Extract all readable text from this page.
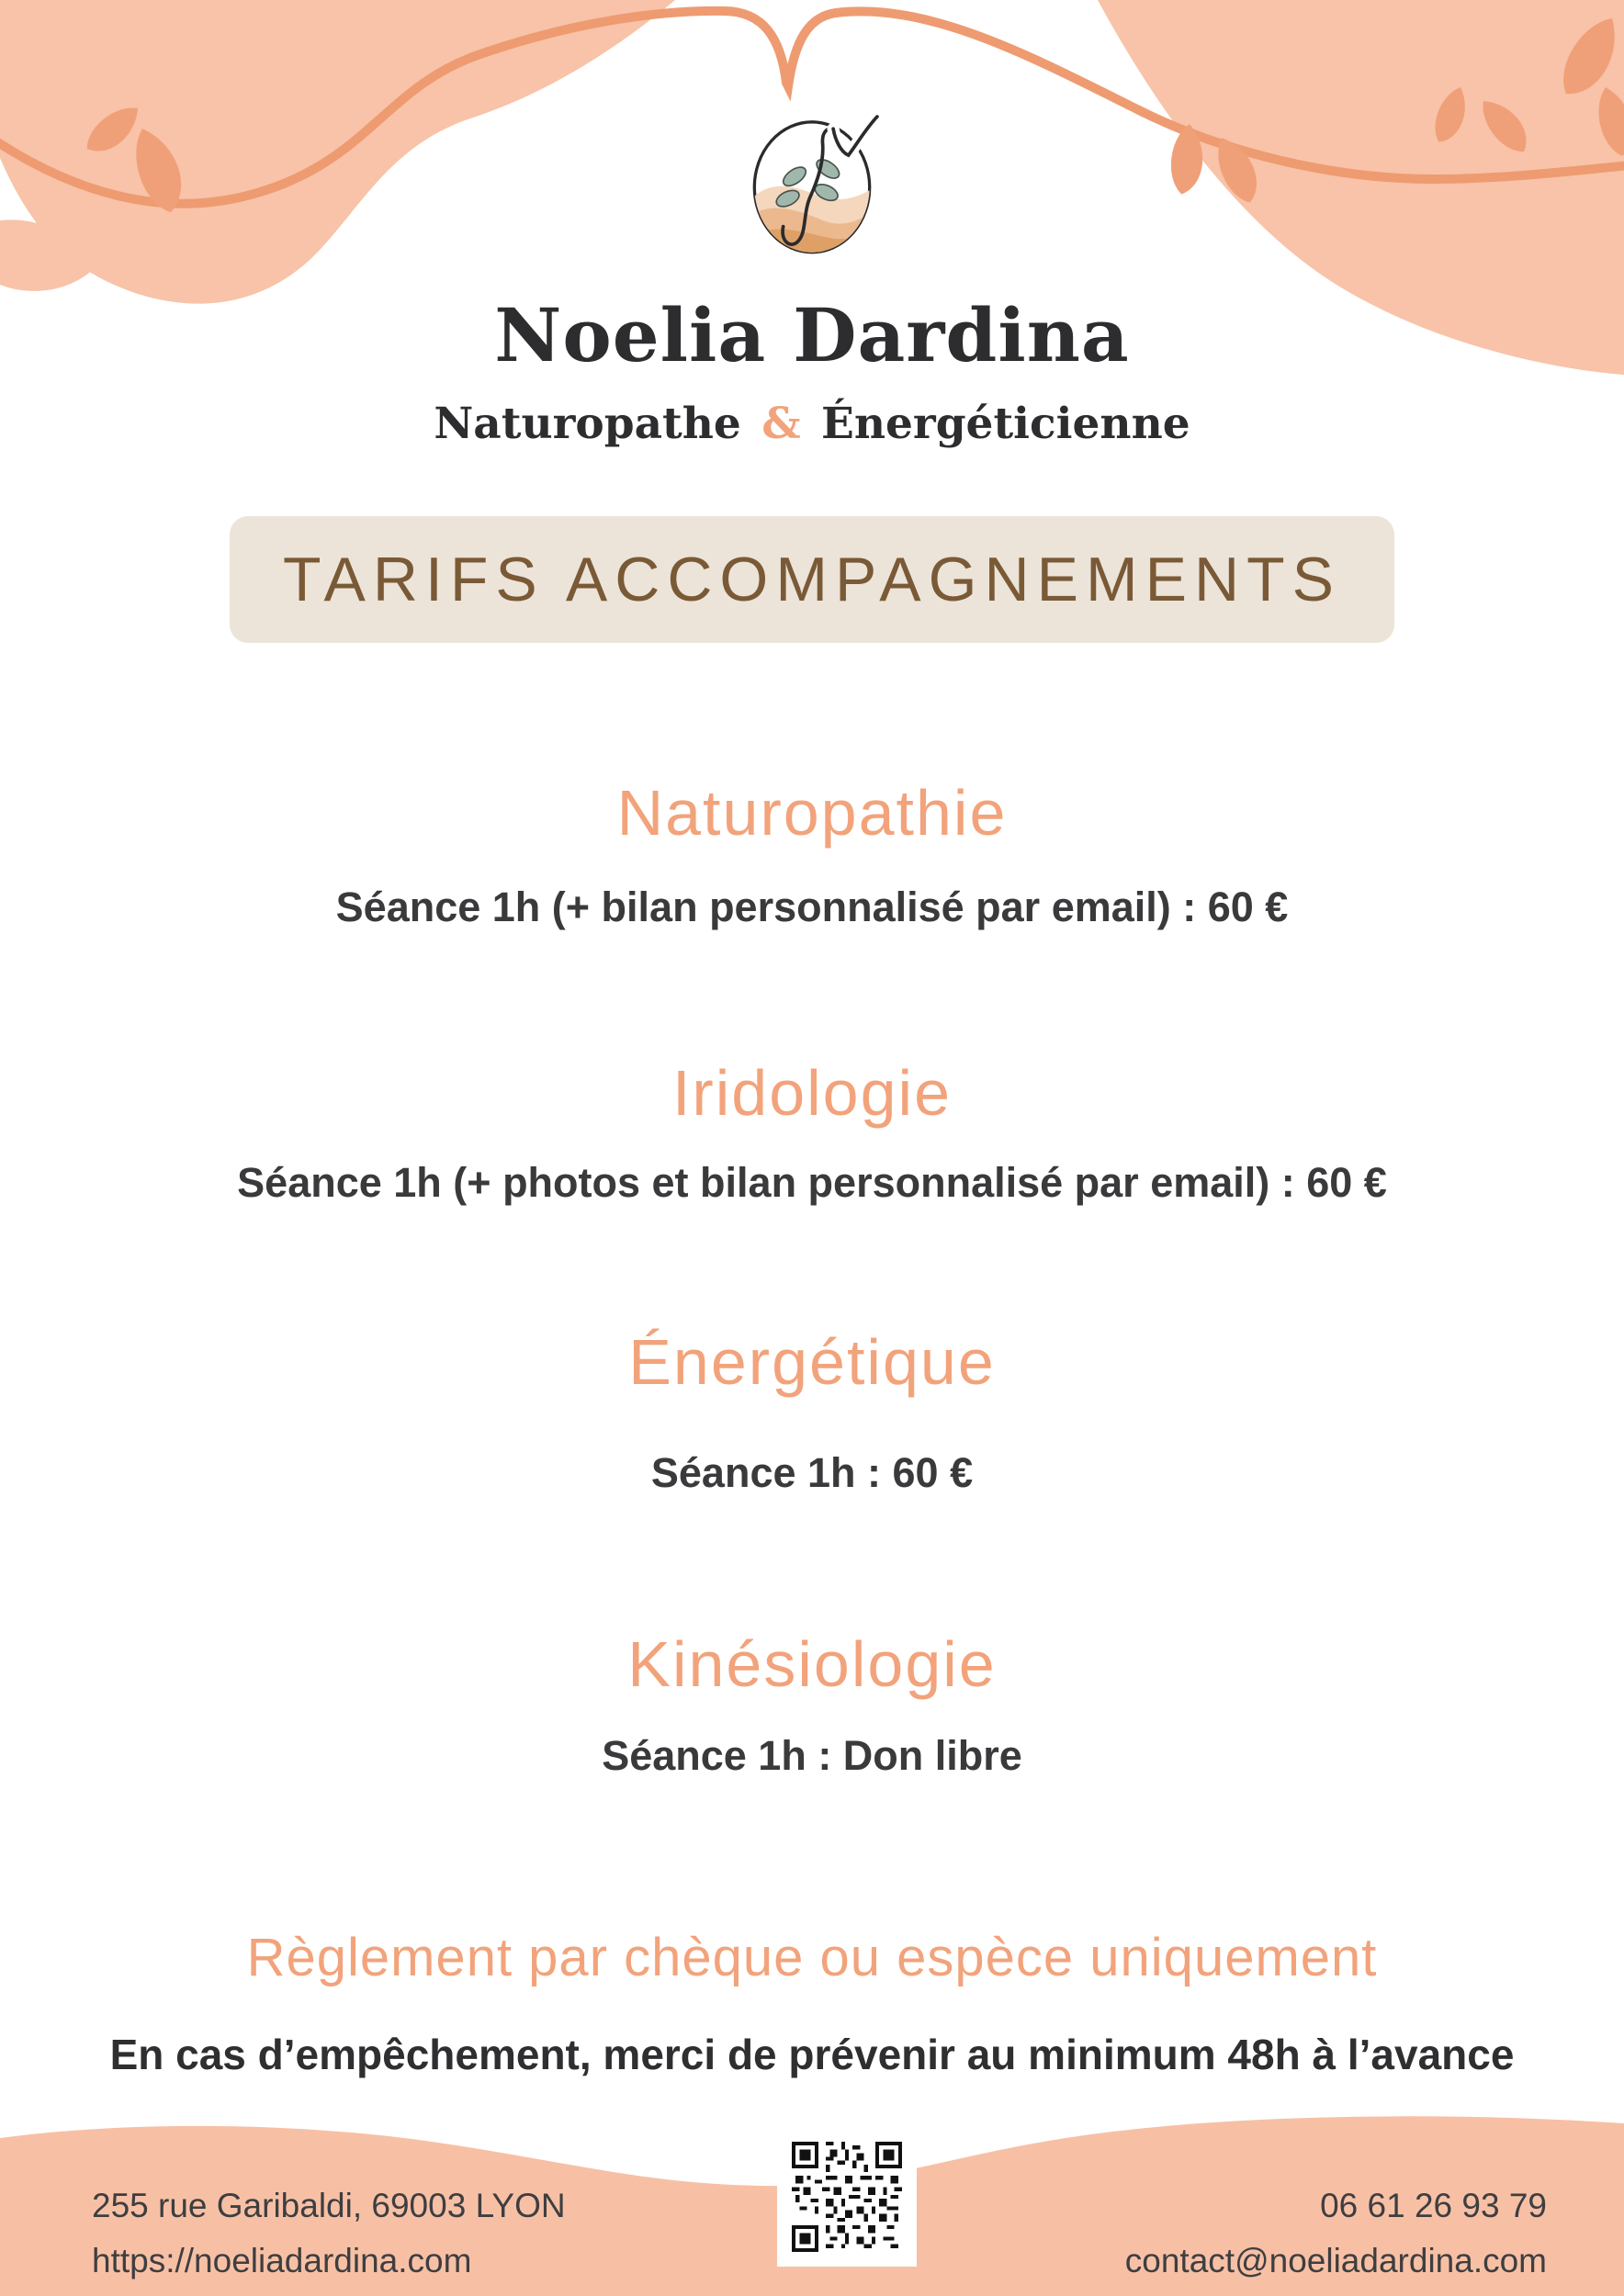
Noelia Dardina
Naturopathe & Énergéticienne
TARIFS ACCOMPAGNEMENTS
Naturopathie
Séance 1h (+ bilan personnalisé par email) : 60 €
Iridologie
Séance 1h (+ photos et bilan personnalisé par email) : 60 €
Énergétique
Séance 1h : 60 €
Kinésiologie
Séance 1h : Don libre
Règlement par chèque ou espèce uniquement
En cas d’empêchement, merci de prévenir au minimum 48h à l’avance
255 rue Garibaldi, 69003 LYON
https://noeliadardina.com
06 61 26 93 79
contact@noeliadardina.com
